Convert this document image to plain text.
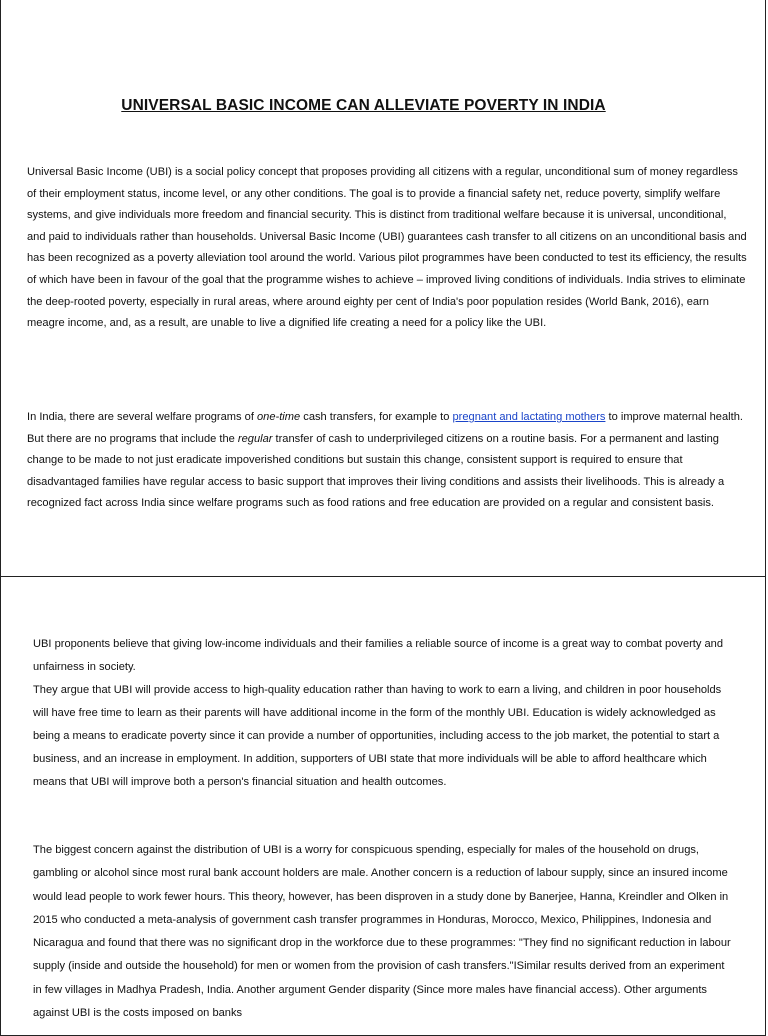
UNIVERSAL BASIC INCOME CAN ALLEVIATE POVERTY IN INDIA

Universal Basic Income (UBI) is a social policy concept that proposes providing all citizens with a regular, unconditional sum of money regardless of their employment status, income level, or any other conditions. The goal is to provide a financial safety net, reduce poverty, simplify welfare systems, and give individuals more freedom and financial security. This is distinct from traditional welfare because it is universal, unconditional, and paid to individuals rather than households. Universal Basic Income (UBI) guarantees cash transfer to all citizens on an unconditional basis and has been recognized as a poverty alleviation tool around the world. Various pilot programmes have been conducted to test its efficiency, the results of which have been in favour of the goal that the programme wishes to achieve – improved living conditions of individuals. India strives to eliminate the deep-rooted poverty, especially in rural areas, where around eighty per cent of India's poor population resides (World Bank, 2016), earn meagre income, and, as a result, are unable to live a dignified life creating a need for a policy like the UBI.

In India, there are several welfare programs of one-time cash transfers, for example to pregnant and lactating mothers to improve maternal health. But there are no programs that include the regular transfer of cash to underprivileged citizens on a routine basis. For a permanent and lasting change to be made to not just eradicate impoverished conditions but sustain this change, consistent support is required to ensure that disadvantaged families have regular access to basic support that improves their living conditions and assists their livelihoods. This is already a recognized fact across India since welfare programs such as food rations and free education are provided on a regular and consistent basis.

UBI proponents believe that giving low-income individuals and their families a reliable source of income is a great way to combat poverty and unfairness in society.
They argue that UBI will provide access to high-quality education rather than having to work to earn a living, and children in poor households will have free time to learn as their parents will have additional income in the form of the monthly UBI. Education is widely acknowledged as being a means to eradicate poverty since it can provide a number of opportunities, including access to the job market, the potential to start a business, and an increase in employment. In addition, supporters of UBI state that more individuals will be able to afford healthcare which means that UBI will improve both a person's financial situation and health outcomes.

The biggest concern against the distribution of UBI is a worry for conspicuous spending, especially for males of the household on drugs, gambling or alcohol since most rural bank account holders are male. Another concern is a reduction of labour supply, since an insured income would lead people to work fewer hours. This theory, however, has been disproven in a study done by Banerjee, Hanna, Kreindler and Olken in 2015 who conducted a meta-analysis of government cash transfer programmes in Honduras, Morocco, Mexico, Philippines, Indonesia and Nicaragua and found that there was no significant drop in the workforce due to these programmes: "They find no significant reduction in labour supply (inside and outside the household) for men or women from the provision of cash transfers."ISimilar results derived from an experiment in few villages in Madhya Pradesh, India. Another argument Gender disparity (Since more males have financial access). Other arguments against UBI is the costs imposed on banks
